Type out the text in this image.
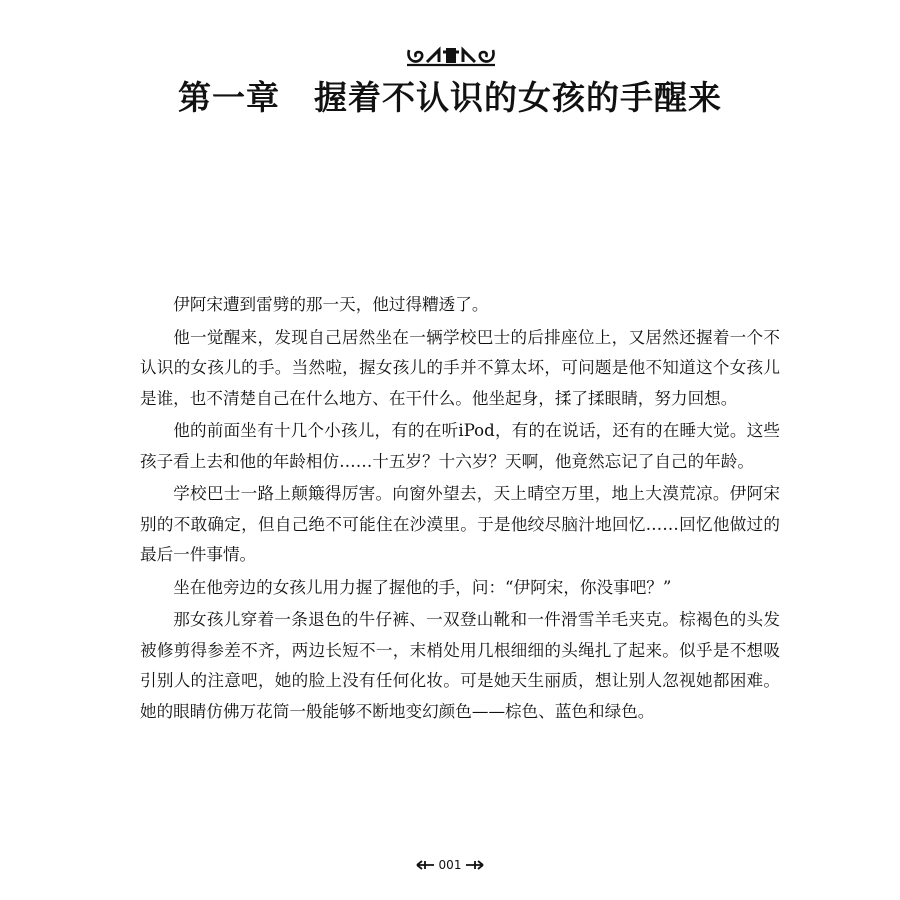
第一章 握着不认识的女孩的手醒来

伊阿宋遭到雷劈的那一天，他过得糟透了。

他一觉醒来，发现自己居然坐在一辆学校巴士的后排座位上，又居然还握着一个不认识的女孩儿的手。当然啦，握女孩儿的手并不算太坏，可问题是他不知道这个女孩儿是谁，也不清楚自己在什么地方、在干什么。他坐起身，揉了揉眼睛，努力回想。

他的前面坐有十几个小孩儿，有的在听iPod，有的在说话，还有的在睡大觉。这些孩子看上去和他的年龄相仿……十五岁？十六岁？天啊，他竟然忘记了自己的年龄。

学校巴士一路上颠簸得厉害。向窗外望去，天上晴空万里，地上大漠荒凉。伊阿宋别的不敢确定，但自己绝不可能住在沙漠里。于是他绞尽脑汁地回忆……回忆他做过的最后一件事情。

坐在他旁边的女孩儿用力握了握他的手，问：“伊阿宋，你没事吧？”

那女孩儿穿着一条退色的牛仔裤、一双登山靴和一件滑雪羊毛夹克。棕褐色的头发被修剪得参差不齐，两边长短不一，末梢处用几根细细的头绳扎了起来。似乎是不想吸引别人的注意吧，她的脸上没有任何化妆。可是她天生丽质，想让别人忽视她都困难。她的眼睛仿佛万花筒一般能够不断地变幻颜色——棕色、蓝色和绿色。

001
